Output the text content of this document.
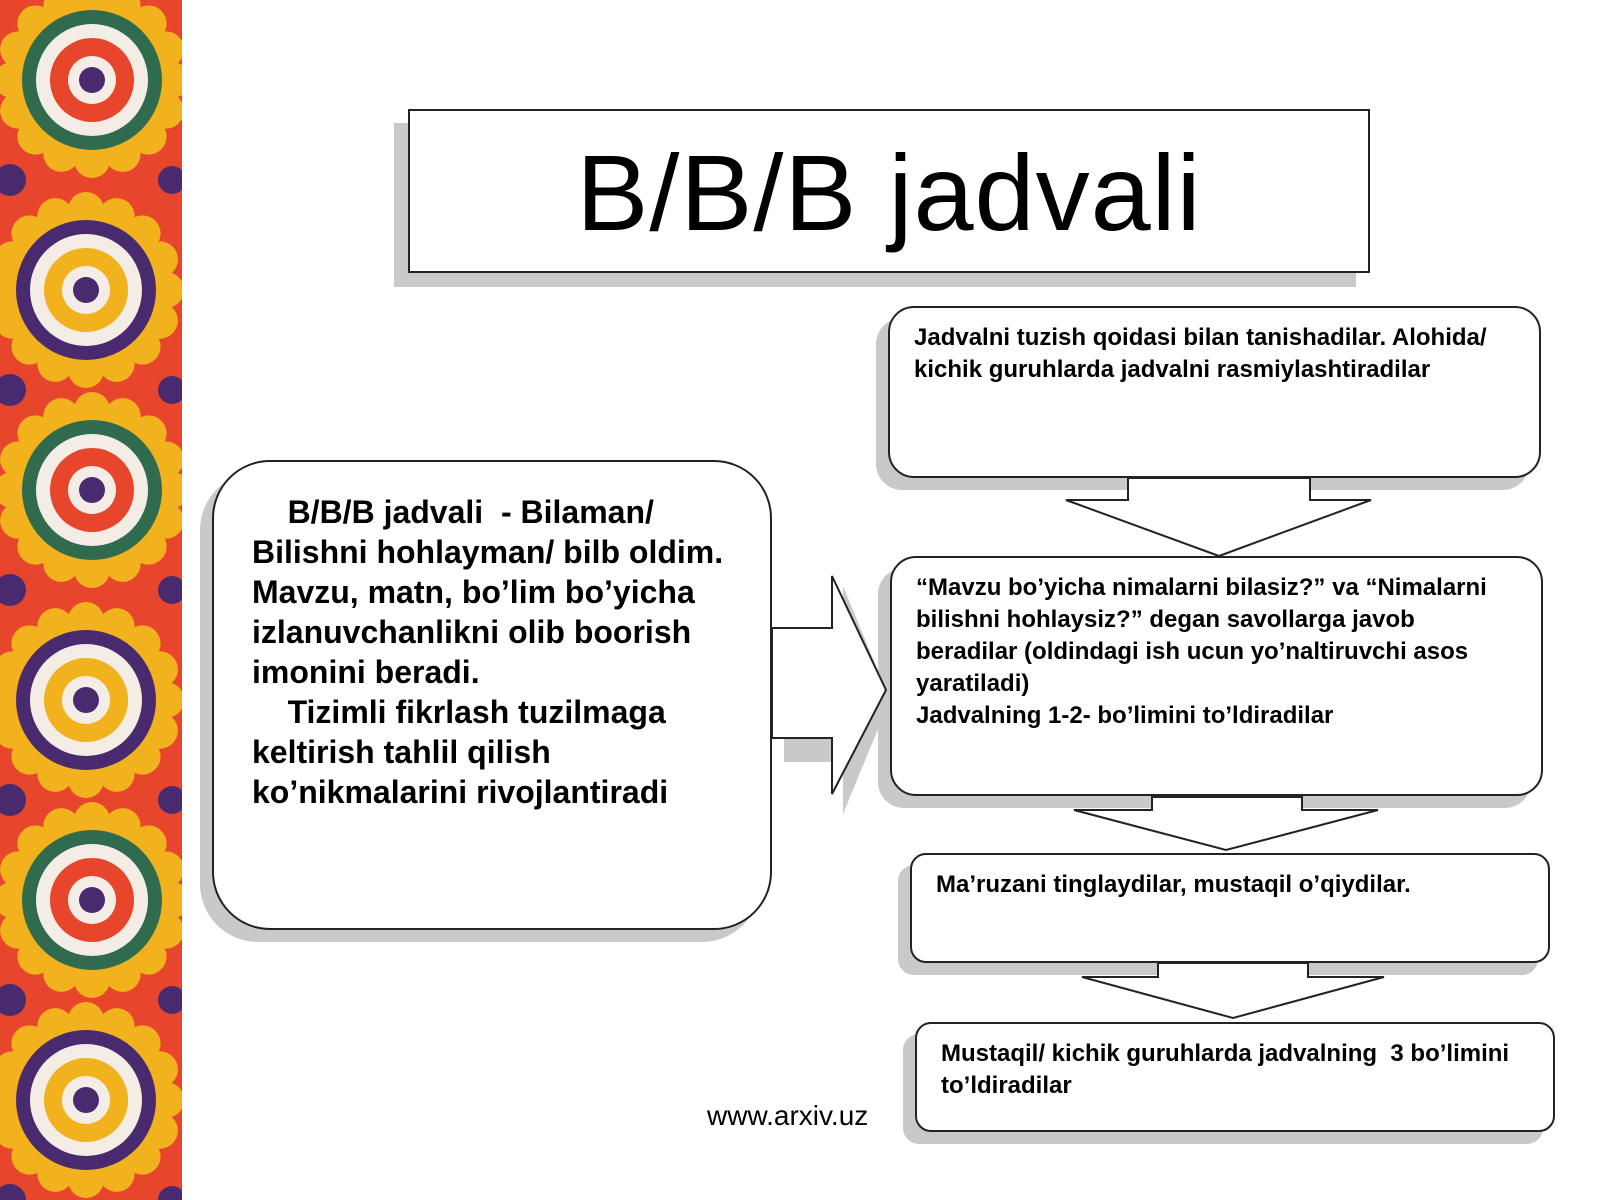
B/B/B jadvali

B/B/B jadvali  - Bilaman/ Bilishni hohlayman/ bilb oldim.

Mavzu, matn, bo’lim bo’yicha izlanuvchanlikni olib boorish imonini beradi.

Tizimli fikrlash tuzilmaga keltirish tahlil qilish ko’nikmalarini rivojlantiradi

Jadvalni tuzish qoidasi bilan tanishadilar. Alohida/ kichik guruhlarda jadvalni rasmiylashtiradilar

“Mavzu bo’yicha nimalarni bilasiz?” va “Nimalarni bilishni hohlaysiz?” degan savollarga javob beradilar (oldindagi ish ucun yo’naltiruvchi asos yaratiladi)
Jadvalning 1-2- bo’limini to’ldiradilar

Ma’ruzani tinglaydilar, mustaqil o’qiydilar.

Mustaqil/ kichik guruhlarda jadvalning  3 bo’limini to’ldiradilar

www.arxiv.uz
